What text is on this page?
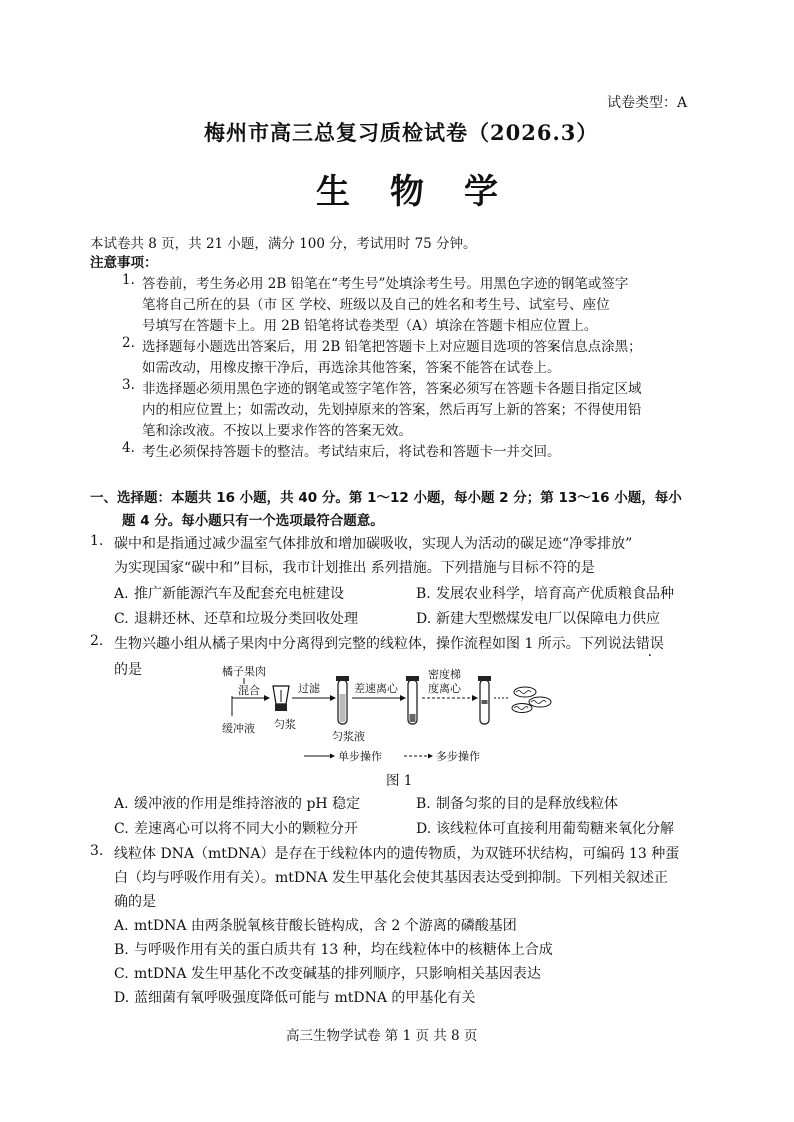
试卷类型：A
梅州市高三总复习质检试卷（2026.3）
生物学
本试卷共 8 页，共 21 小题，满分 100 分，考试用时 75 分钟。
注意事项：
1. 答卷前，考生务必用 2B 铅笔在“考生号”处填涂考生号。用黑色字迹的钢笔或签字
笔将自己所在的县（市 区 学校、班级以及自己的姓名和考生号、试室号、座位
号填写在答题卡上。用 2B 铅笔将试卷类型（A）填涂在答题卡相应位置上。
2. 选择题每小题选出答案后，用 2B 铅笔把答题卡上对应题目选项的答案信息点涂黑；
如需改动，用橡皮擦干净后，再选涂其他答案，答案不能答在试卷上。
3. 非选择题必须用黑色字迹的钢笔或签字笔作答，答案必须写在答题卡各题目指定区域
内的相应位置上；如需改动，先划掉原来的答案，然后再写上新的答案；不得使用铅
笔和涂改液。不按以上要求作答的答案无效。
4. 考生必须保持答题卡的整洁。考试结束后，将试卷和答题卡一并交回。
一、选择题：本题共 16 小题，共 40 分。第 1～12 小题，每小题 2 分；第 13～16 小题，每小
题 4 分。每小题只有一个选项最符合题意。
1. 碳中和是指通过减少温室气体排放和增加碳吸收，实现人为活动的碳足迹“净零排放”
为实现国家“碳中和”目标，我市计划推出 系列措施。下列措施与目标不符的是
A. 推广新能源汽车及配套充电桩建设	B. 发展农业科学，培育高产优质粮食品种
C. 退耕还林、还草和垃圾分类回收处理	D. 新建大型燃煤发电厂以保障电力供应
2. 生物兴趣小组从橘子果肉中分离得到完整的线粒体，操作流程如图 1 所示。下列说法错误
的是	橘子果肉
混合
缓冲液 匀浆
过滤
匀浆液
差速离心
密度梯
度离心
单步操作	多步操作
图 1
A. 缓冲液的作用是维持溶液的 pH 稳定	B. 制备匀浆的目的是释放线粒体
C. 差速离心可以将不同大小的颗粒分开	D. 该线粒体可直接利用葡萄糖来氧化分解
3. 线粒体 DNA（mtDNA）是存在于线粒体内的遗传物质，为双链环状结构，可编码 13 种蛋
白（均与呼吸作用有关）。mtDNA 发生甲基化会使其基因表达受到抑制。下列相关叙述正
确的是
A. mtDNA 由两条脱氧核苷酸长链构成，含 2 个游离的磷酸基团
B. 与呼吸作用有关的蛋白质共有 13 种，均在线粒体中的核糖体上合成
C. mtDNA 发生甲基化不改变碱基的排列顺序，只影响相关基因表达
D. 蓝细菌有氧呼吸强度降低可能与 mtDNA 的甲基化有关
高三生物学试卷 第 1 页 共 8 页
